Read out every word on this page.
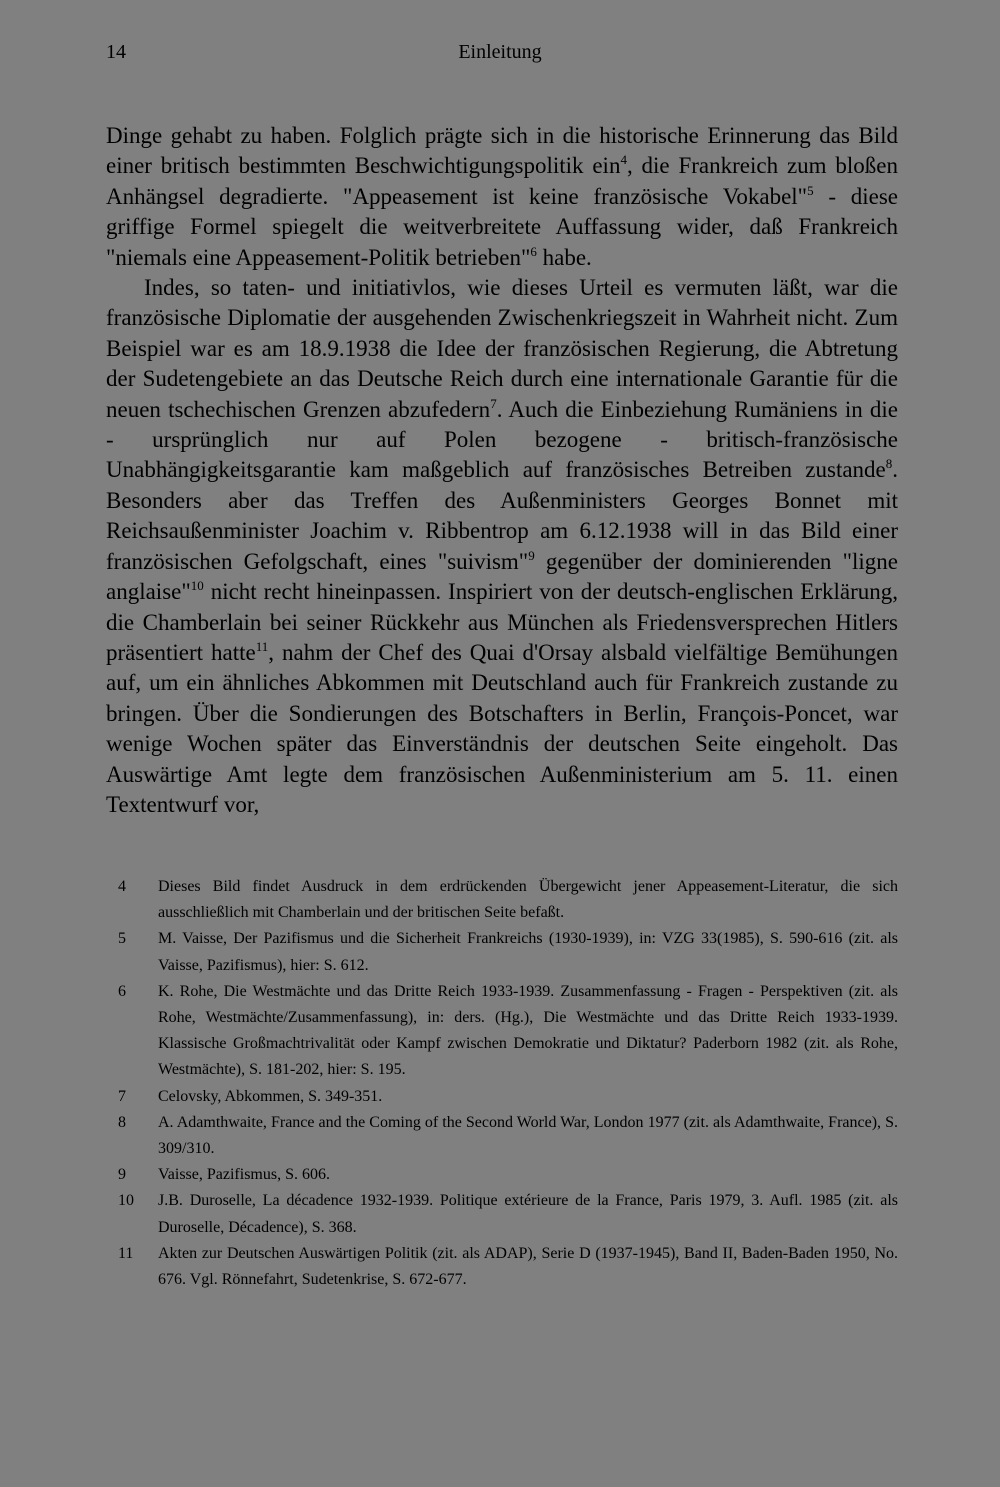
14	Einleitung

Dinge gehabt zu haben. Folglich prägte sich in die historische Erinnerung das Bild einer britisch bestimmten Beschwichtigungspolitik ein$^4$, die Frankreich zum bloßen Anhängsel degradierte. "Appeasement ist keine französische Vokabel"$^5$ - diese griffige Formel spiegelt die weitverbreitete Auffassung wider, daß Frankreich "niemals eine Appeasement-Politik betrieben"$^6$ habe.

Indes, so taten- und initiativlos, wie dieses Urteil es vermuten läßt, war die französische Diplomatie der ausgehenden Zwischenkriegszeit in Wahrheit nicht. Zum Beispiel war es am 18.9.1938 die Idee der französischen Regierung, die Abtretung der Sudetengebiete an das Deutsche Reich durch eine internationale Garantie für die neuen tschechischen Grenzen abzufedern$^7$. Auch die Einbeziehung Rumäniens in die - ursprünglich nur auf Polen bezogene - britisch-französische Unabhängigkeitsgarantie kam maßgeblich auf französisches Betreiben zustande$^8$. Besonders aber das Treffen des Außenministers Georges Bonnet mit Reichsaußenminister Joachim v. Ribbentrop am 6.12.1938 will in das Bild einer französischen Gefolgschaft, eines "suivism"$^9$ gegenüber der dominierenden "ligne anglaise"$^{10}$ nicht recht hineinpassen. Inspiriert von der deutsch-englischen Erklärung, die Chamberlain bei seiner Rückkehr aus München als Friedensversprechen Hitlers präsentiert hatte$^{11}$, nahm der Chef des Quai d'Orsay alsbald vielfältige Bemühungen auf, um ein ähnliches Abkommen mit Deutschland auch für Frankreich zustande zu bringen. Über die Sondierungen des Botschafters in Berlin, François-Poncet, war wenige Wochen später das Einverständnis der deutschen Seite eingeholt. Das Auswärtige Amt legte dem französischen Außenministerium am 5. 11. einen Textentwurf vor,

4	Dieses Bild findet Ausdruck in dem erdrückenden Übergewicht jener Appeasement-Literatur, die sich ausschließlich mit Chamberlain und der britischen Seite befaßt.
5	M. Vaisse, Der Pazifismus und die Sicherheit Frankreichs (1930-1939), in: VZG 33(1985), S. 590-616 (zit. als Vaisse, Pazifismus), hier: S. 612.
6	K. Rohe, Die Westmächte und das Dritte Reich 1933-1939. Zusammenfassung - Fragen - Perspektiven (zit. als Rohe, Westmächte/Zusammenfassung), in: ders. (Hg.), Die Westmächte und das Dritte Reich 1933-1939. Klassische Großmachtrivalität oder Kampf zwischen Demokratie und Diktatur? Paderborn 1982 (zit. als Rohe, Westmächte), S. 181-202, hier: S. 195.
7	Celovsky, Abkommen, S. 349-351.
8	A. Adamthwaite, France and the Coming of the Second World War, London 1977 (zit. als Adamthwaite, France), S. 309/310.
9	Vaisse, Pazifismus, S. 606.
10	J.B. Duroselle, La décadence 1932-1939. Politique extérieure de la France, Paris 1979, 3. Aufl. 1985 (zit. als Duroselle, Décadence), S. 368.
11	Akten zur Deutschen Auswärtigen Politik (zit. als ADAP), Serie D (1937-1945), Band II, Baden-Baden 1950, No. 676. Vgl. Rönnefahrt, Sudetenkrise, S. 672-677.
